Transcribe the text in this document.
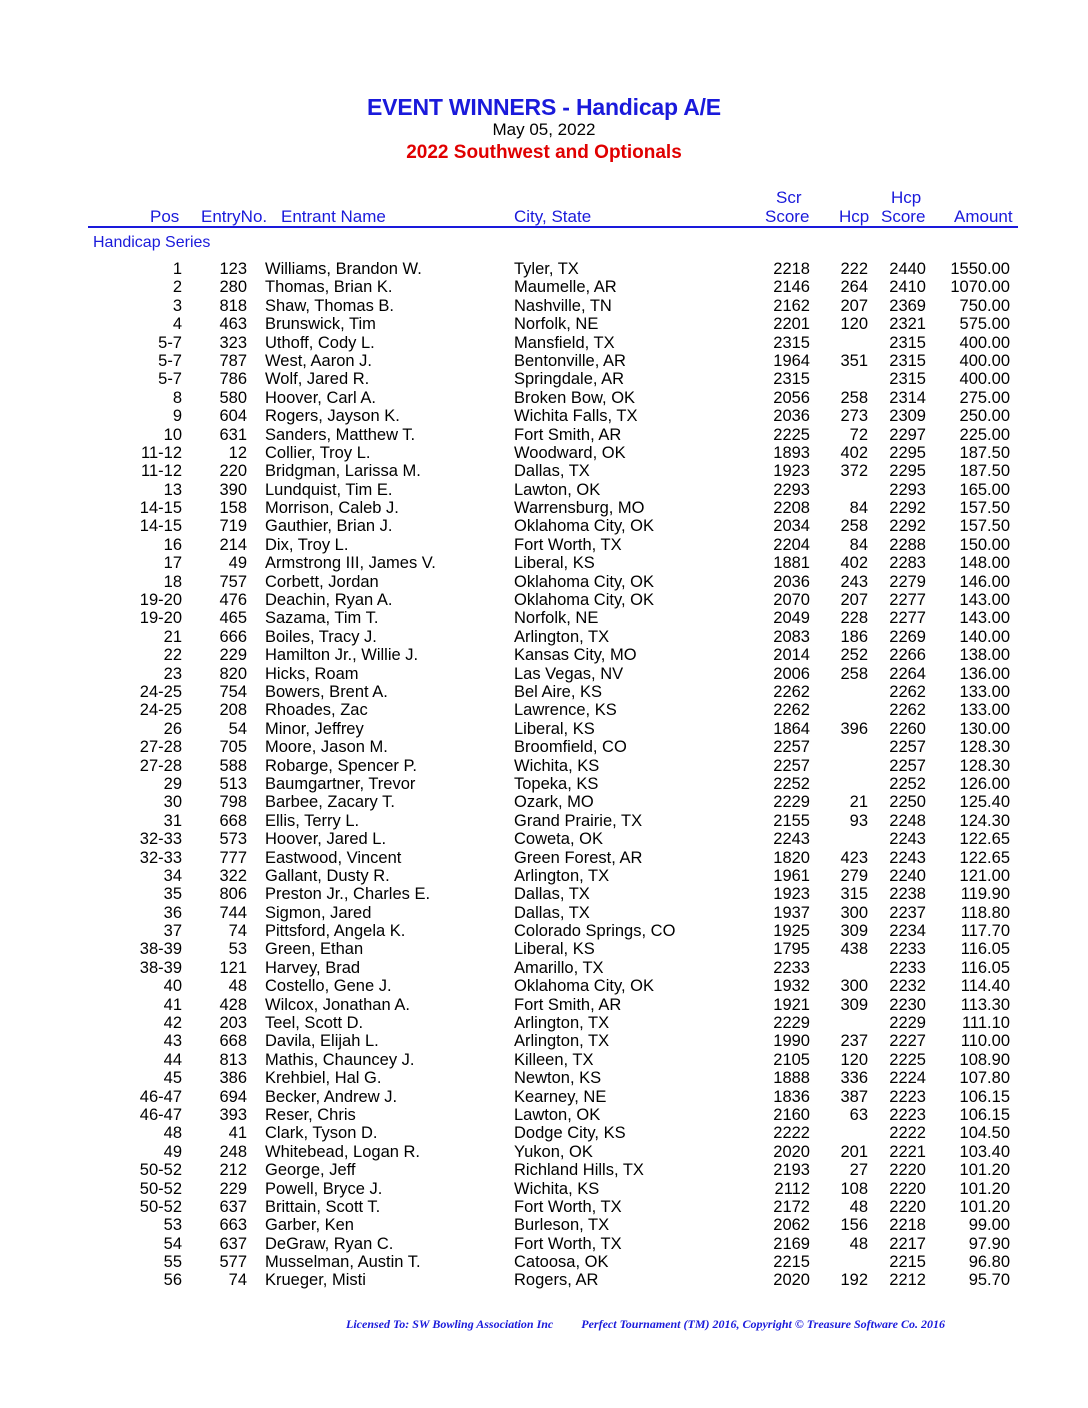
EVENT WINNERS - Handicap A/E
May 05, 2022
2022 Southwest and Optionals
Pos EntryNo. Entrant Name	City, State
Scr
Score Hcp
Hcp
Score Amount
Handicap Series
1 123 Williams, Brandon W.	Tyler, TX	2218 222 2440 1550.00
2 280 Thomas, Brian K.	Maumelle, AR	2146 264 2410 1070.00
3 818 Shaw, Thomas B.	Nashville, TN	2162 207 2369 750.00
4 463 Brunswick, Tim	Norfolk, NE	2201 120 2321 575.00
5-7 323 Uthoff, Cody L.	Mansfield, TX	2315	2315 400.00
5-7 787 West, Aaron J.	Bentonville, AR	1964 351 2315 400.00
5-7 786 Wolf, Jared R.	Springdale, AR	2315	2315 400.00
8 580 Hoover, Carl A.	Broken Bow, OK	2056 258 2314 275.00
9 604 Rogers, Jayson K.	Wichita Falls, TX	2036 273 2309 250.00
10 631 Sanders, Matthew T.	Fort Smith, AR	2225 72 2297 225.00
11-12	12 Collier, Troy L.	Woodward, OK	1893 402 2295 187.50
11-12 220 Bridgman, Larissa M.	Dallas, TX	1923 372 2295 187.50
13 390 Lundquist, Tim E.	Lawton, OK	2293	2293 165.00
14-15 158 Morrison, Caleb J.	Warrensburg, MO	2208 84 2292 157.50
14-15 719 Gauthier, Brian J.	Oklahoma City, OK	2034 258 2292 157.50
16 214 Dix, Troy L.	Fort Worth, TX	2204 84 2288 150.00
17	49 Armstrong III, James V.	Liberal, KS	1881 402 2283 148.00
18 757 Corbett, Jordan	Oklahoma City, OK	2036 243 2279 146.00
19-20 476 Deachin, Ryan A.	Oklahoma City, OK	2070 207 2277 143.00
19-20 465 Sazama, Tim T.	Norfolk, NE	2049 228 2277 143.00
21 666 Boiles, Tracy J.	Arlington, TX	2083 186 2269 140.00
22 229 Hamilton Jr., Willie J.	Kansas City, MO	2014 252 2266 138.00
23 820 Hicks, Roam	Las Vegas, NV	2006 258 2264 136.00
24-25 754 Bowers, Brent A.	Bel Aire, KS	2262	2262 133.00
24-25 208 Rhoades, Zac	Lawrence, KS	2262	2262 133.00
26	54 Minor, Jeffrey	Liberal, KS	1864 396 2260 130.00
27-28 705 Moore, Jason M.	Broomfield, CO	2257	2257 128.30
27-28 588 Robarge, Spencer P.	Wichita, KS	2257	2257 128.30
29 513 Baumgartner, Trevor	Topeka, KS	2252	2252 126.00
30 798 Barbee, Zacary T.	Ozark, MO	2229 21 2250 125.40
31 668 Ellis, Terry L.	Grand Prairie, TX	2155 93 2248 124.30
32-33 573 Hoover, Jared L.	Coweta, OK	2243	2243 122.65
32-33 777 Eastwood, Vincent	Green Forest, AR	1820 423 2243 122.65
34 322 Gallant, Dusty R.	Arlington, TX	1961 279 2240 121.00
35 806 Preston Jr., Charles E.	Dallas, TX	1923 315 2238 119.90
36 744 Sigmon, Jared	Dallas, TX	1937 300 2237 118.80
37	74 Pittsford, Angela K.	Colorado Springs, CO	1925 309 2234 117.70
38-39	53 Green, Ethan	Liberal, KS	1795 438 2233 116.05
38-39 121 Harvey, Brad	Amarillo, TX	2233	2233 116.05
40	48 Costello, Gene J.	Oklahoma City, OK	1932 300 2232 114.40
41 428 Wilcox, Jonathan A.	Fort Smith, AR	1921 309 2230 113.30
42 203 Teel, Scott D.	Arlington, TX	2229	2229 111.10
43 668 Davila, Elijah L.	Arlington, TX	1990 237 2227 110.00
44 813 Mathis, Chauncey J.	Killeen, TX	2105 120 2225 108.90
45 386 Krehbiel, Hal G.	Newton, KS	1888 336 2224 107.80
46-47 694 Becker, Andrew J.	Kearney, NE	1836 387 2223 106.15
46-47 393 Reser, Chris	Lawton, OK	2160 63 2223 106.15
48	41 Clark, Tyson D.	Dodge City, KS	2222	2222 104.50
49 248 Whitebead, Logan R.	Yukon, OK	2020 201 2221 103.40
50-52 212 George, Jeff	Richland Hills, TX	2193 27 2220 101.20
50-52 229 Powell, Bryce J.	Wichita, KS	2112 108 2220 101.20
50-52 637 Brittain, Scott T.	Fort Worth, TX	2172 48 2220 101.20
53 663 Garber, Ken	Burleson, TX	2062 156 2218	99.00
54 637 DeGraw, Ryan C.	Fort Worth, TX	2169 48 2217	97.90
55 577 Musselman, Austin T.	Catoosa, OK	2215	2215	96.80
56	74 Krueger, Misti	Rogers, AR	2020 192 2212	95.70
Licensed To: SW Bowling Association Inc Perfect Tournament (TM) 2016, Copyright © Treasure Software Co. 2016
